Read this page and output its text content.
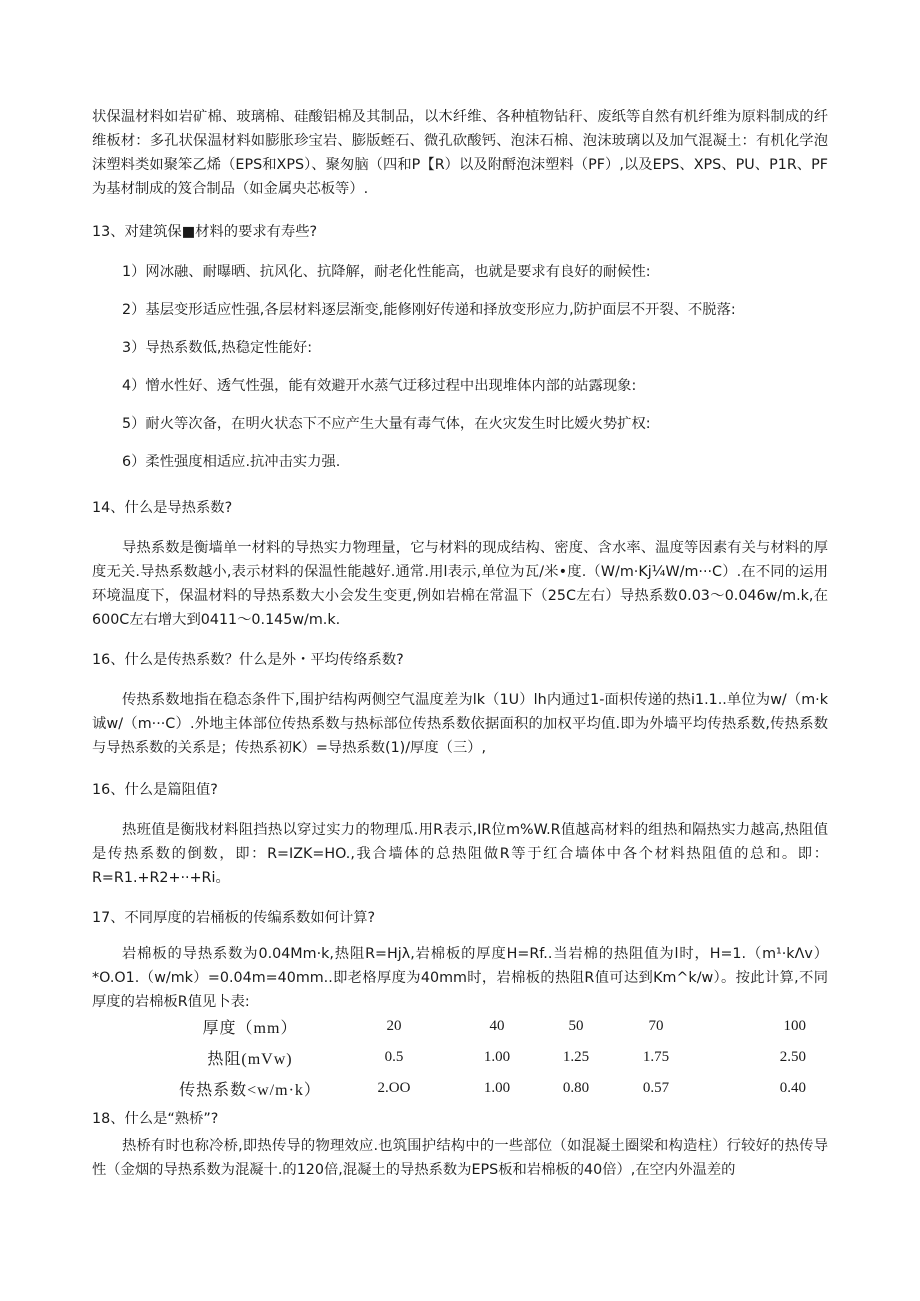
状保温材料如岩矿棉、玻璃棉、硅酸铝棉及其制品，以木纤维、各种植物钻秆、废纸等自然有机纤维为原料制成的纤维板材：多孔状保温材料如膨胀珍宝岩、膨版蛭石、微孔砍酸钙、泡沫石棉、泡沫玻璃以及加气混凝土：有机化学泡沫塑料类如聚笨乙烯（EPS和XPS）、聚匆脑（四和P【R）以及附酹泡沫塑料（PF）,以及EPS、XPS、PU、P1R、PF为基材制成的笈合制品（如金属央芯板等）.

13、对建筑保■材料的要求有寿些?

1）网冰融、耐曝晒、抗风化、抗降解，耐老化性能高，也就是要求有良好的耐候性:

2）基层变形适应性强,各层材料逐层渐变,能修刚好传递和择放变形应力,防护面层不开裂、不脱落:

3）导热系数低,热稳定性能好:

4）憎水性好、透气性强，能有效避开水蒸气迂移过程中出现堆体内部的站露现象:

5）耐火等次备，在明火状态下不应产生大量有毒气体，在火灾发生时比嫒火势扩权:

6）柔性强度相适应.抗冲击实力强.

14、什么是导热系数?

导热系数是衡墙单一材料的导热实力物理量，它与材料的现成结构、密度、含水率、温度等因素有关与材料的厚度无关.导热系数越小,表示材料的保温性能越好.通常.用l表示,单位为瓦/米•度.（W/m·Kj¼W/m···C）.在不同的运用环境温度下，保温材料的导热系数大小会发生变更,例如岩棉在常温下（25C左右）导热系数0.03～0.046w/m.k,在600C左右增大到0411～0.145w/m.k.

16、什么是传热系数？什么是外・平均传络系数?

传热系数地指在稳态条件下,围护结构两侧空气温度差为lk（1U）lh内通过1-面枳传递的热i1.1..单位为w/（m·k诚w/（m···C）.外地主体部位传热系数与热标部位传热系数依据面积的加权平均值.即为外墙平均传热系数,传热系数与导热系数的关系是；传热系初K）=导热系数(1)/厚度（三）,

16、什么是篇阻值?

热班值是衡戕材料阻挡热以穿过实力的物理瓜.用R表示,IR位m%W.R值越高材料的组热和隔热实力越高,热阻值是传热系数的倒数，即：R=IZK=HO.,我合墙体的总热阻做R等于红合墙体中各个材料热阻值的总和。即：R=R1.+R2+··+Ri。

17、不同厚度的岩桶板的传编系数如何计算?

岩棉板的导热系数为0.04Mm·k,热阻R=Hjλ,岩棉板的厚度H=Rf..当岩棉的热阻值为l时，H=1.（m¹·kΛv）*O.O1.（w/mk）=0.04m=40mm..即老格厚度为40mm时，岩棉板的热阻R值可达到Km^k/w）。按此计算,不同厚度的岩棉板R值见卜表:

厚度（mm）	20	40	50	70	100
热阻(mVw)	0.5	1.00	1.25	1.75	2.50
传热系数<w/m·k）	2.OO	1.00	0.80	0.57	0.40

18、什么是“熟桥”?

热桥有时也称冷桥,即热传导的物理效应.也筑围护结构中的一些部位（如混凝土圈梁和构造柱）行较好的热传导性（金烟的导热系数为混凝十.的120倍,混凝土的导热系数为EPS板和岩棉板的40倍）,在空内外温差的
